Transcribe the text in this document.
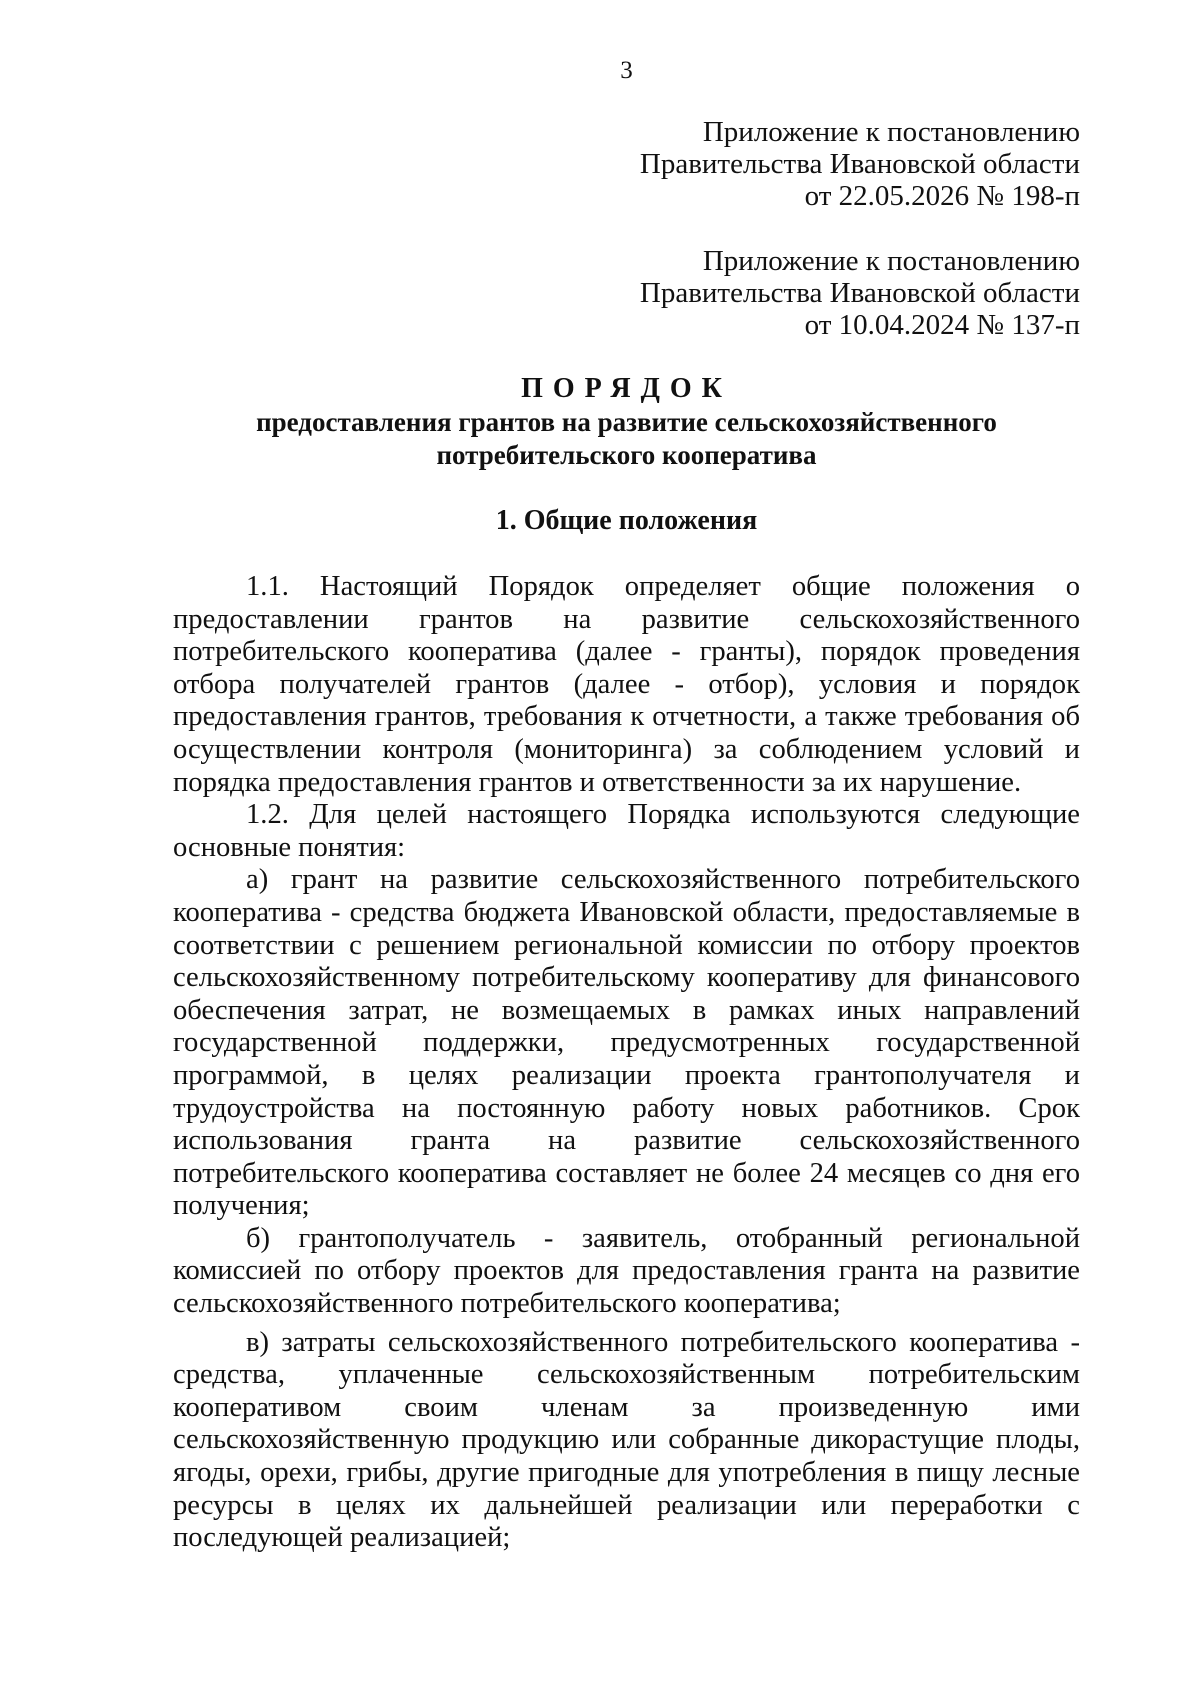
3
Приложение к постановлению
Правительства Ивановской области
от 22.05.2026 № 198-п
Приложение к постановлению
Правительства Ивановской области
от 10.04.2024 № 137-п
ПОРЯДОК
предоставления грантов на развитие сельскохозяйственного
потребительского кооператива
1. Общие положения

1.1. Настоящий Порядок определяет общие положения о предоставлении грантов на развитие сельскохозяйственного потребительского кооператива (далее - гранты), порядок проведения отбора получателей грантов (далее - отбор), условия и порядок предоставления грантов, требования к отчетности, а также требования об осуществлении контроля (мониторинга) за соблюдением условий и порядка предоставления грантов и ответственности за их нарушение.

1.2. Для целей настоящего Порядка используются следующие основные понятия:

а) грант на развитие сельскохозяйственного потребительского кооператива - средства бюджета Ивановской области, предоставляемые в соответствии с решением региональной комиссии по отбору проектов сельскохозяйственному потребительскому кооперативу для финансового обеспечения затрат, не возмещаемых в рамках иных направлений государственной поддержки, предусмотренных государственной программой, в целях реализации проекта грантополучателя и трудоустройства на постоянную работу новых работников. Срок использования гранта на развитие сельскохозяйственного потребительского кооператива составляет не более 24 месяцев со дня его получения;

б) грантополучатель - заявитель, отобранный региональной комиссией по отбору проектов для предоставления гранта на развитие сельскохозяйственного потребительского кооператива;

в) затраты сельскохозяйственного потребительского кооператива - средства, уплаченные сельскохозяйственным потребительским кооперативом своим членам за произведенную ими сельскохозяйственную продукцию или собранные дикорастущие плоды, ягоды, орехи, грибы, другие пригодные для употребления в пищу лесные ресурсы в целях их дальнейшей реализации или переработки с последующей реализацией;
